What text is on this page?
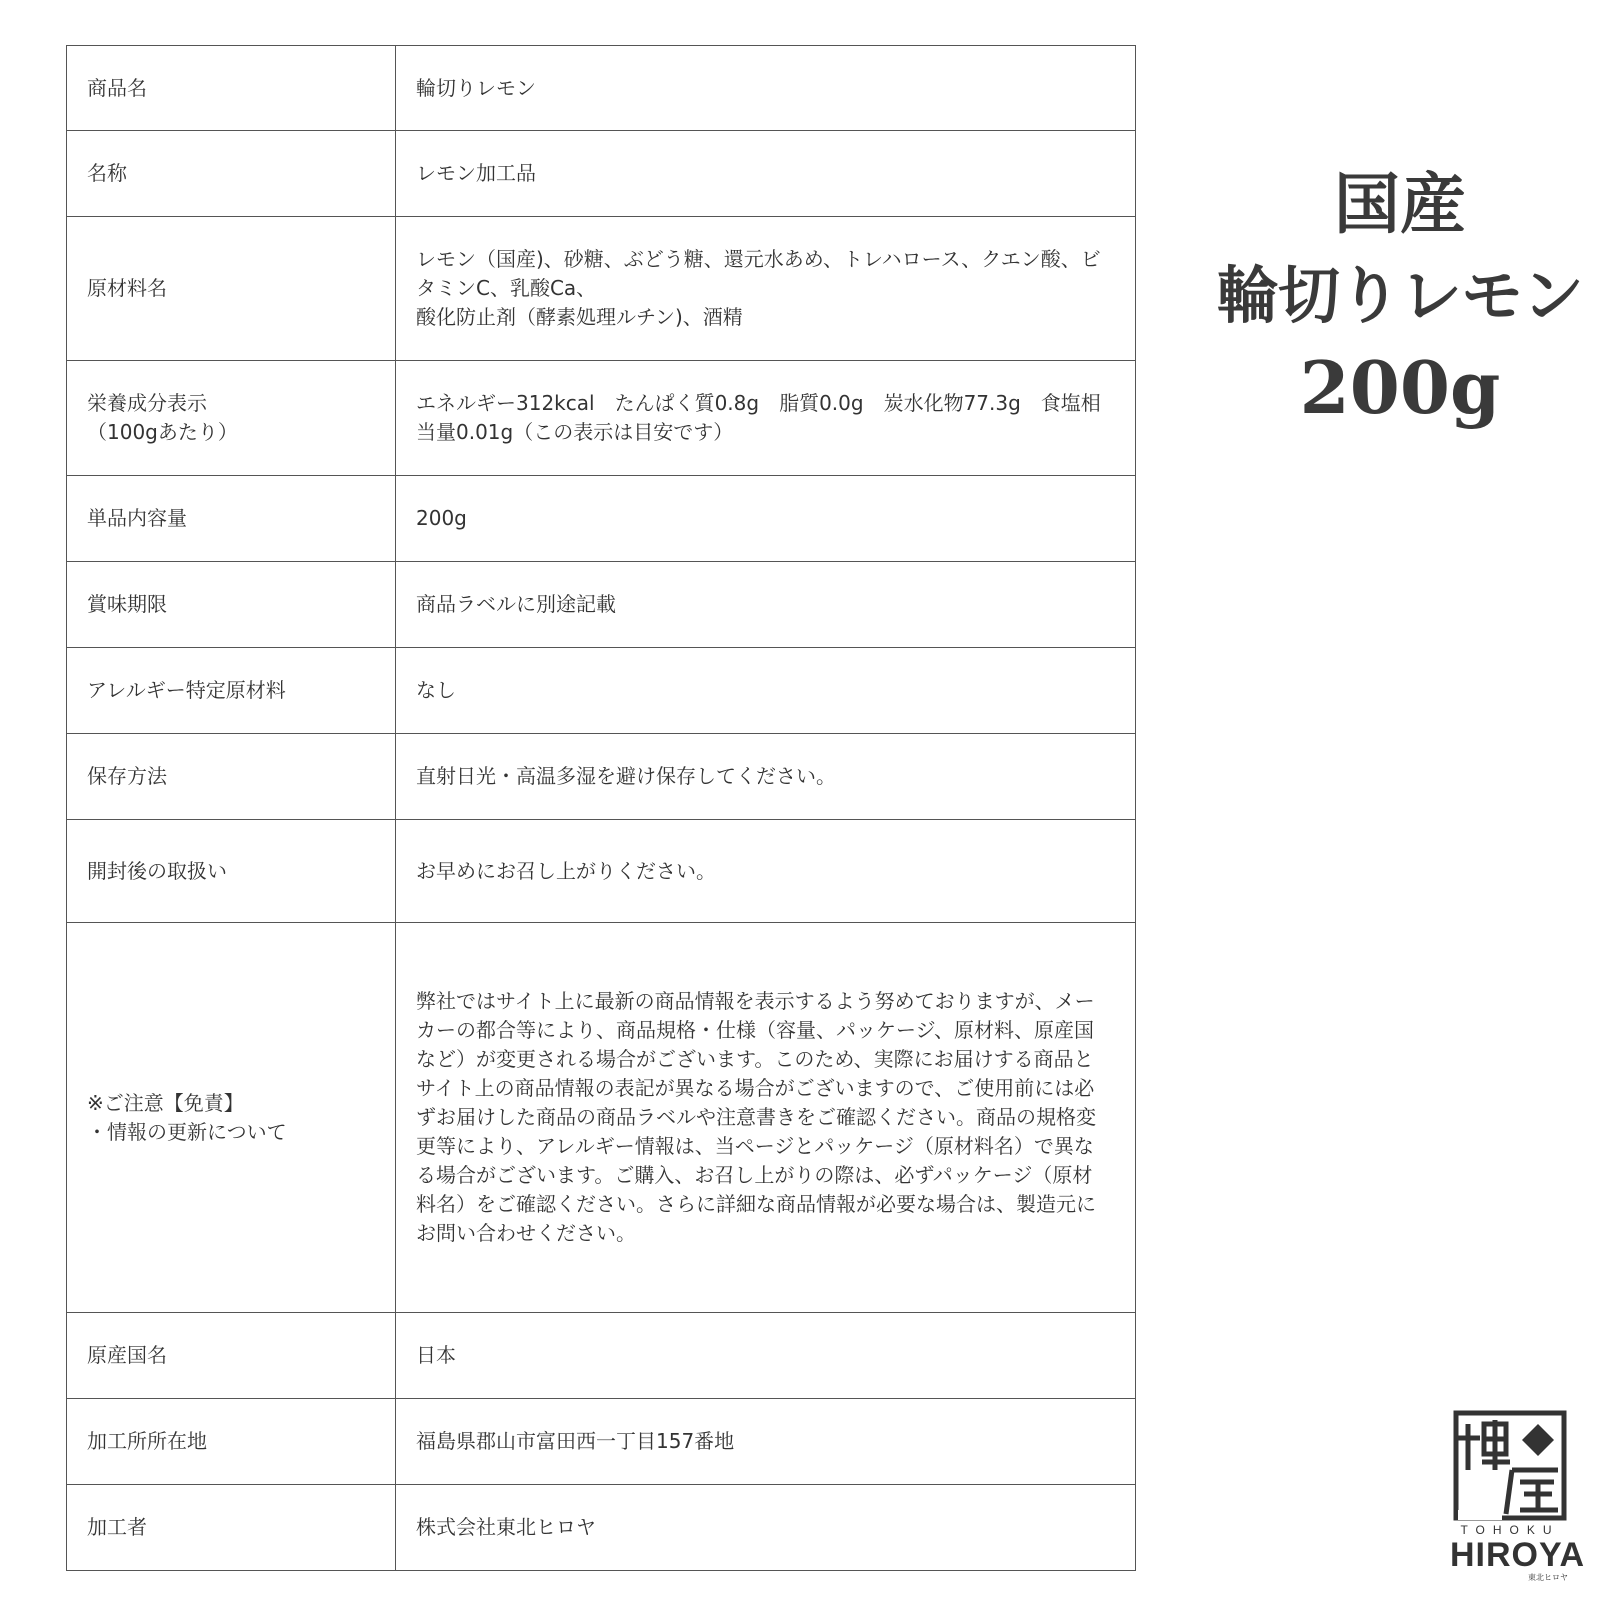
商品名	輪切りレモン
名称	レモン加工品
原材料名	レモン（国産)、砂糖、ぶどう糖、還元水あめ、トレハロース、クエン酸、ビタミンC、乳酸Ca、
酸化防止剤（酵素処理ルチン)、酒精
栄養成分表示
（100gあたり）	エネルギー312kcal　たんぱく質0.8g　脂質0.0g　炭水化物77.3g　食塩相当量0.01g（この表示は目安です）
単品内容量	200g
賞味期限	商品ラベルに別途記載
アレルギー特定原材料	なし
保存方法	直射日光・高温多湿を避け保存してください。
開封後の取扱い	お早めにお召し上がりください。
※ご注意【免責】
・情報の更新について	弊社ではサイト上に最新の商品情報を表示するよう努めておりますが、メーカーの都合等により、商品規格・仕様（容量、パッケージ、原材料、原産国など）が変更される場合がございます。このため、実際にお届けする商品とサイト上の商品情報の表記が異なる場合がございますので、ご使用前には必ずお届けした商品の商品ラベルや注意書きをご確認ください。商品の規格変更等により、アレルギー情報は、当ページとパッケージ（原材料名）で異なる場合がございます。ご購入、お召し上がりの際は、必ずパッケージ（原材料名）をご確認ください。さらに詳細な商品情報が必要な場合は、製造元にお問い合わせください。
原産国名	日本
加工所所在地	福島県郡山市富田西一丁目157番地
加工者	株式会社東北ヒロヤ
国産
輪切りレモン
200g
TOHOKU
HIROYA
東北ヒロヤ
